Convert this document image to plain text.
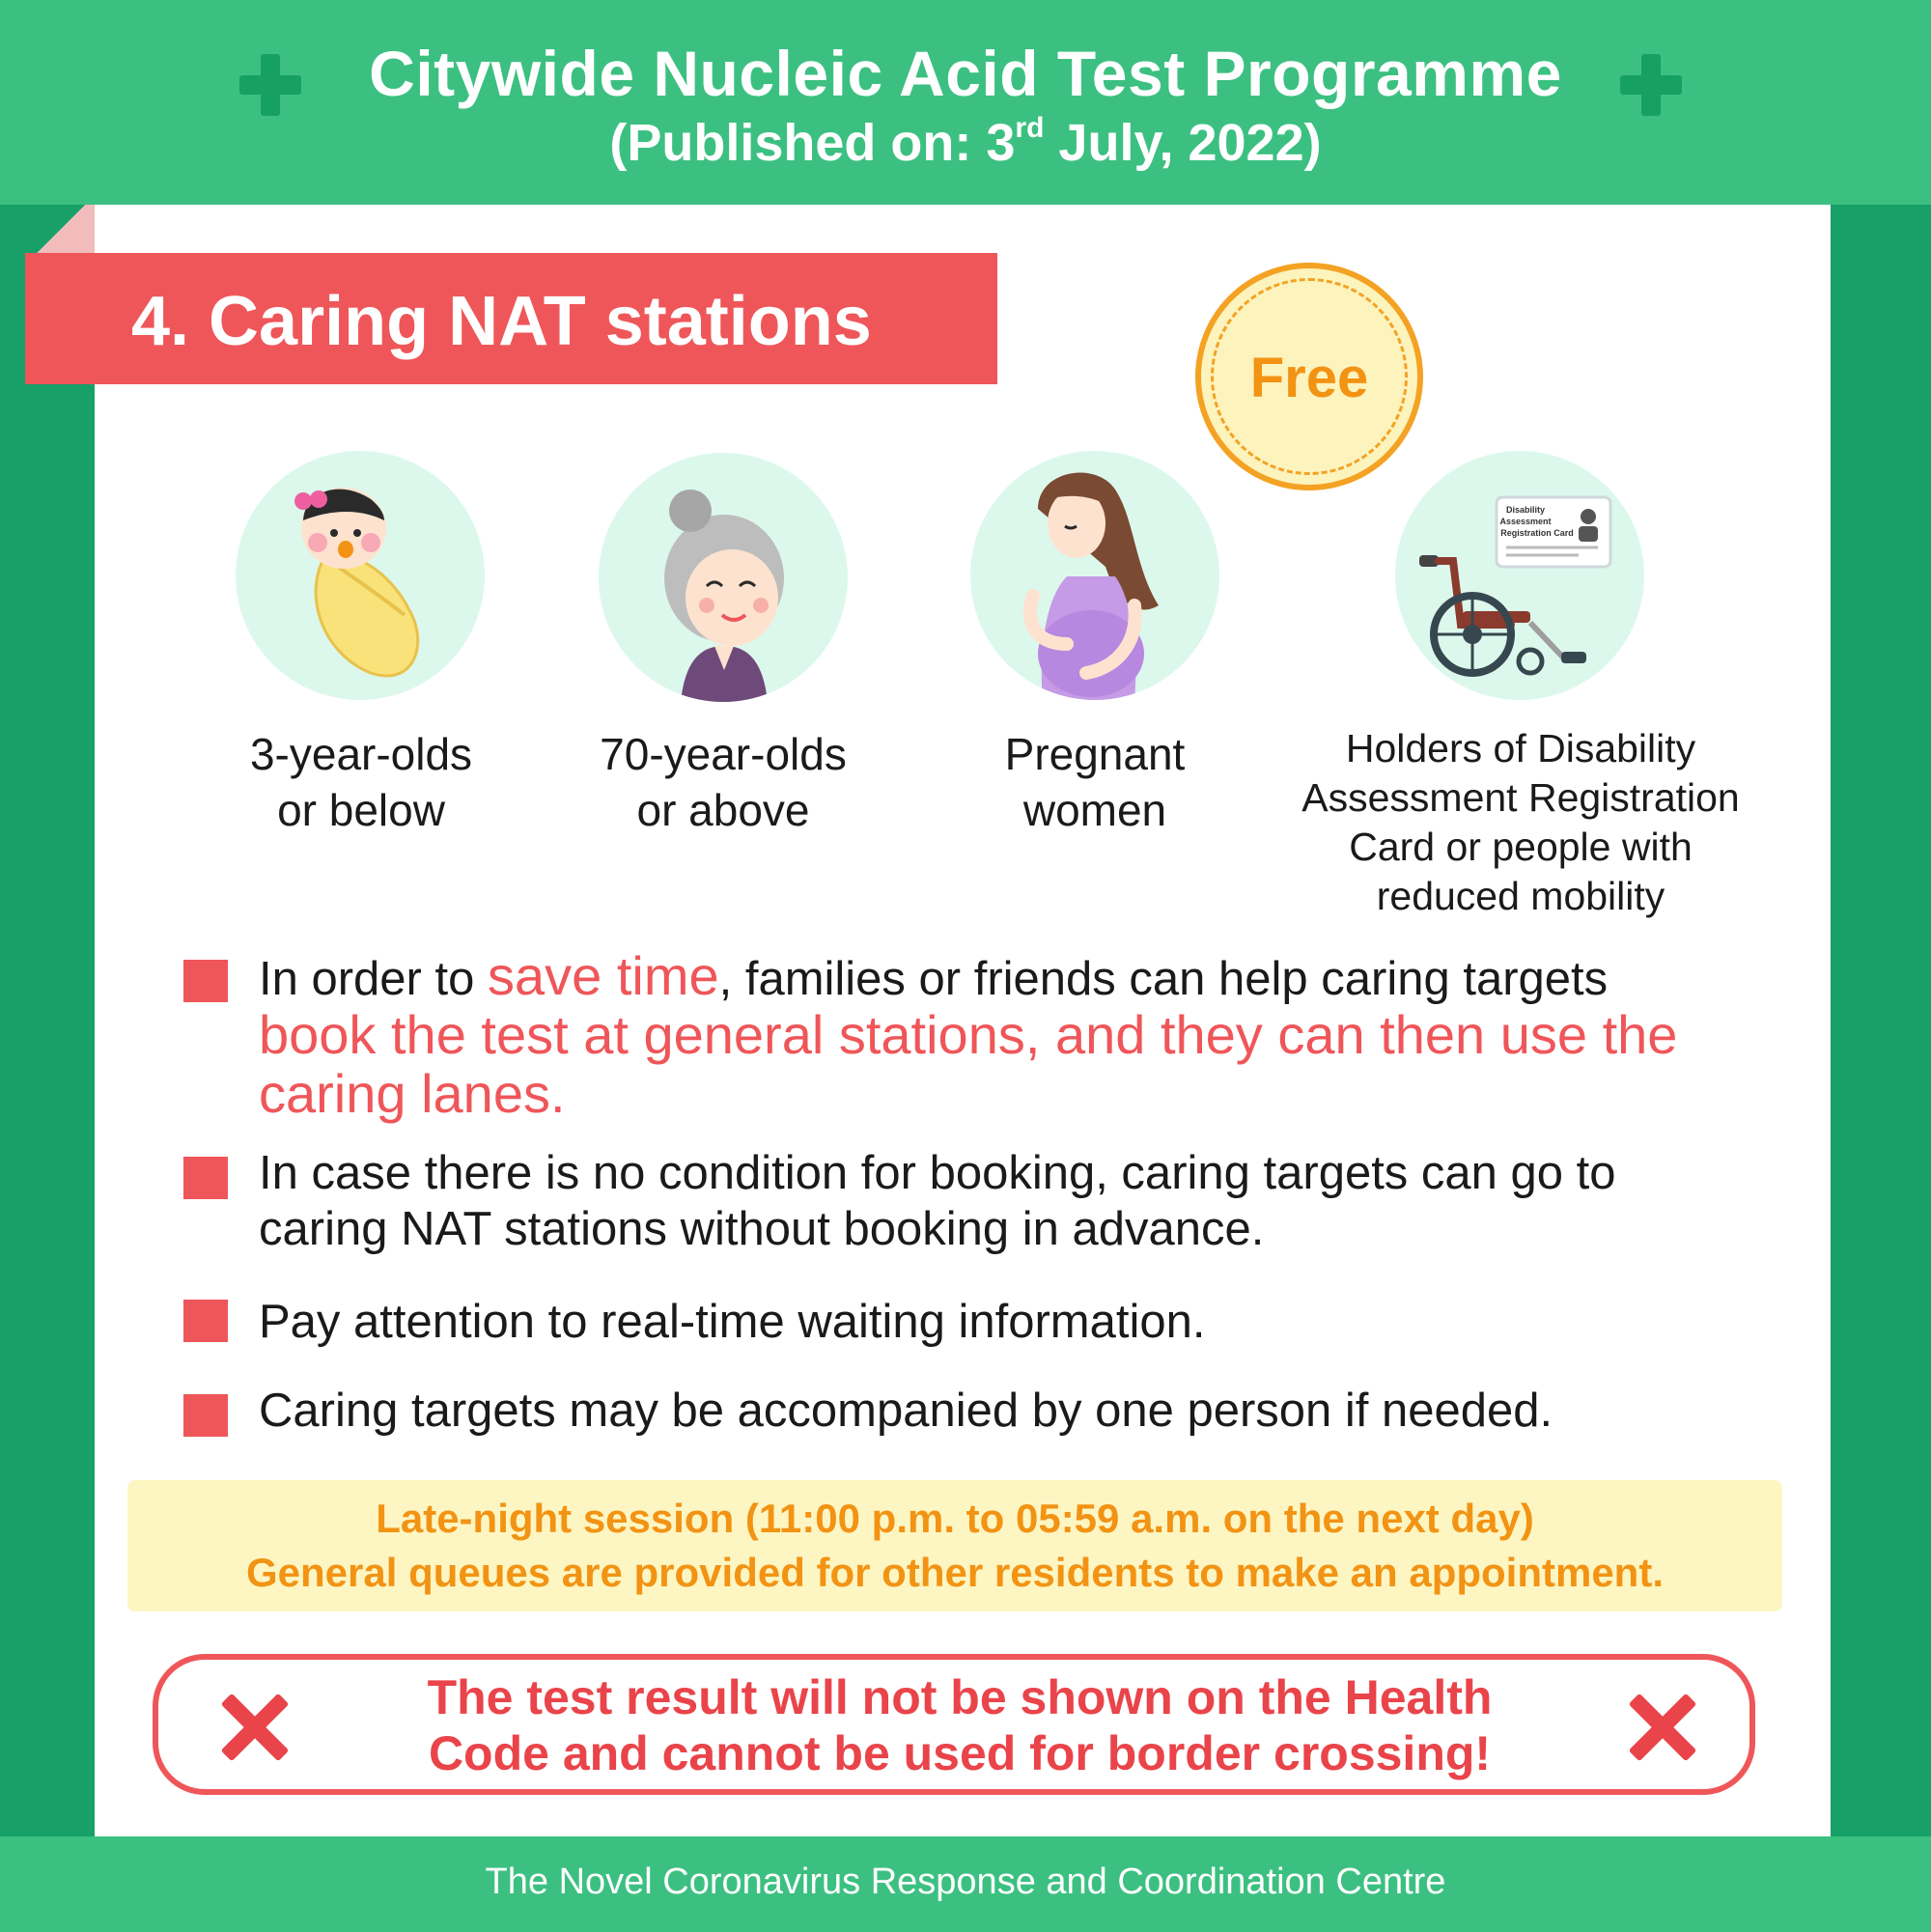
Citywide Nucleic Acid Test Programme
(Published on: 3rd July, 2022)
4. Caring NAT stations
Free
Disability
Assessment
Registration Card
3-year-olds
or below
70-year-olds
or above
Pregnant
women
Holders of Disability
Assessment Registration
Card or people with
reduced mobility
In order to save time, families or friends can help caring targets book the test at general stations, and they can then use the caring lanes.
In case there is no condition for booking, caring targets can go to caring NAT stations without booking in advance.
Pay attention to real-time waiting information.
Caring targets may be accompanied by one person if needed.
Late-night session (11:00 p.m. to 05:59 a.m. on the next day)
General queues are provided for other residents to make an appointment.
The test result will not be shown on the Health
Code and cannot be used for border crossing!
The Novel Coronavirus Response and Coordination Centre
